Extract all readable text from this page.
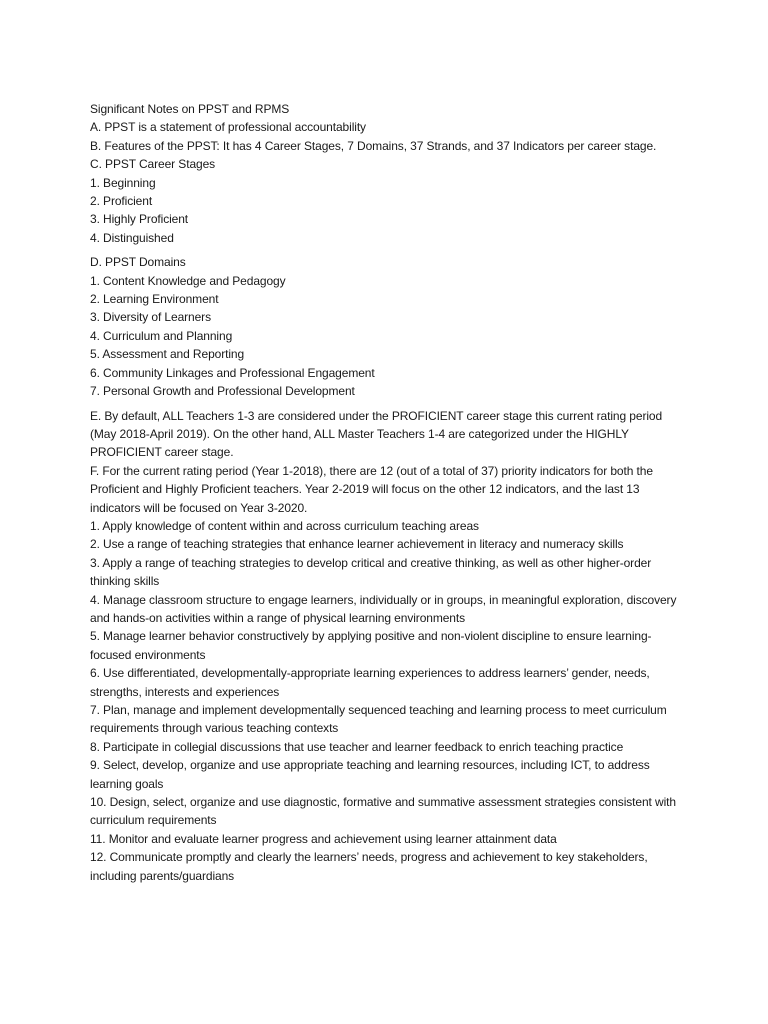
Significant Notes on PPST and RPMS

A. PPST is a statement of professional accountability

B. Features of the PPST: It has 4 Career Stages, 7 Domains, 37 Strands, and 37 Indicators per career stage.

C. PPST Career Stages

1. Beginning
2. Proficient
3. Highly Proficient
4. Distinguished

D. PPST Domains

1. Content Knowledge and Pedagogy
2. Learning Environment
3. Diversity of Learners
4. Curriculum and Planning
5. Assessment and Reporting
6. Community Linkages and Professional Engagement
7. Personal Growth and Professional Development

E. By default, ALL Teachers 1-3 are considered under the PROFICIENT career stage this current rating period (May 2018-April 2019). On the other hand, ALL Master Teachers 1-4 are categorized under the HIGHLY PROFICIENT career stage.

F. For the current rating period (Year 1-2018), there are 12 (out of a total of 37) priority indicators for both the Proficient and Highly Proficient teachers. Year 2-2019 will focus on the other 12 indicators, and the last 13 indicators will be focused on Year 3-2020.

1. Apply knowledge of content within and across curriculum teaching areas
2. Use a range of teaching strategies that enhance learner achievement in literacy and numeracy skills
3. Apply a range of teaching strategies to develop critical and creative thinking, as well as other higher-order thinking skills
4. Manage classroom structure to engage learners, individually or in groups, in meaningful exploration, discovery and hands-on activities within a range of physical learning environments
5. Manage learner behavior constructively by applying positive and non-violent discipline to ensure learning-focused environments
6. Use differentiated, developmentally-appropriate learning experiences to address learners’ gender, needs, strengths, interests and experiences
7. Plan, manage and implement developmentally sequenced teaching and learning process to meet curriculum requirements through various teaching contexts
8. Participate in collegial discussions that use teacher and learner feedback to enrich teaching practice
9. Select, develop, organize and use appropriate teaching and learning resources, including ICT, to address learning goals
10. Design, select, organize and use diagnostic, formative and summative assessment strategies consistent with curriculum requirements
11. Monitor and evaluate learner progress and achievement using learner attainment data
12. Communicate promptly and clearly the learners’ needs, progress and achievement to key stakeholders, including parents/guardians
